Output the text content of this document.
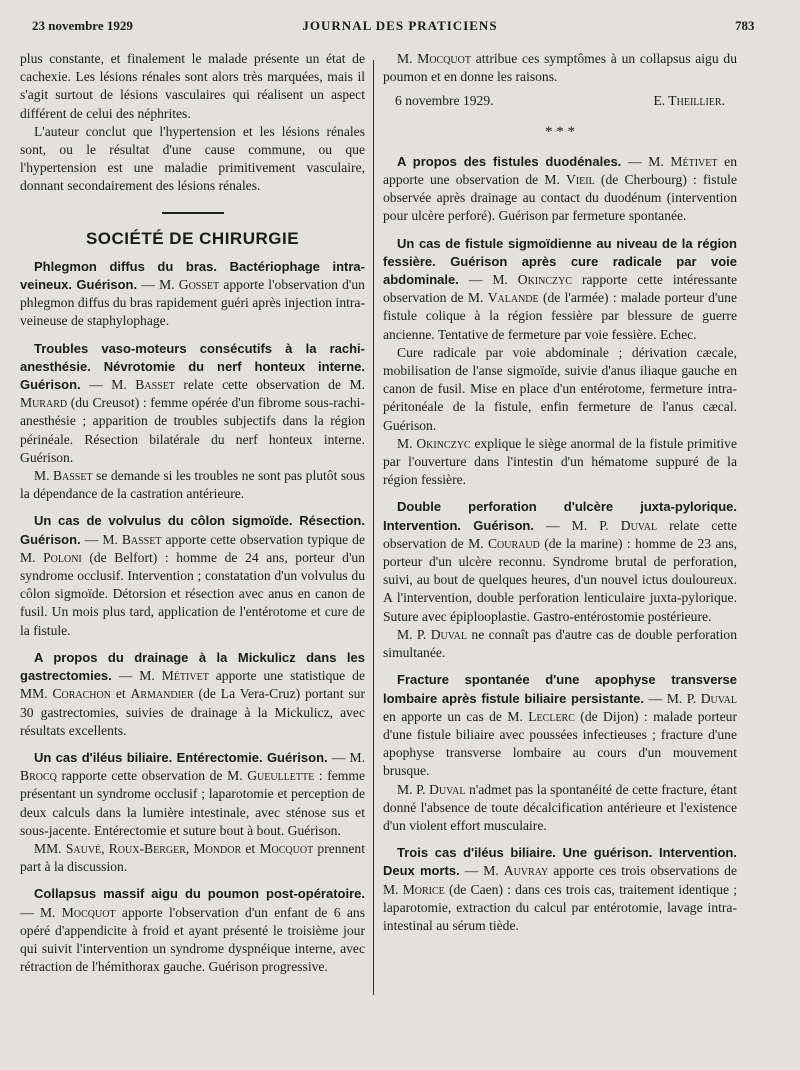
23 novembre 1929	JOURNAL DES PRATICIENS	783

plus constante, et finalement le malade présente un état de cachexie. Les lésions rénales sont alors très marquées, mais il s'agit surtout de lésions vasculaires qui réalisent un aspect différent de celui des néphrites.

L'auteur conclut que l'hypertension et les lésions rénales sont, ou le résultat d'une cause commune, ou que l'hypertension est une maladie primitivement vasculaire, donnant secondairement des lésions rénales.

SOCIÉTÉ DE CHIRURGIE

Phlegmon diffus du bras. Bactériophage intra-veineux. Guérison. — M. Gosset apporte l'observation d'un phlegmon diffus du bras rapidement guéri après injection intra-veineuse de staphylophage.

Troubles vaso-moteurs consécutifs à la rachi-anesthésie. Névrotomie du nerf honteux interne. Guérison. — M. Basset relate cette observation de M. Murard (du Creusot) : femme opérée d'un fibrome sous-rachi-anesthésie ; apparition de troubles subjectifs dans la région périnéale. Résection bilatérale du nerf honteux interne. Guérison.

M. Basset se demande si les troubles ne sont pas plutôt sous la dépendance de la castration antérieure.

Un cas de volvulus du côlon sigmoïde. Résection. Guérison. — M. Basset apporte cette observation typique de M. Poloni (de Belfort) : homme de 24 ans, porteur d'un syndrome occlusif. Intervention ; constatation d'un volvulus du côlon sigmoïde. Détorsion et résection avec anus en canon de fusil. Un mois plus tard, application de l'entérotome et cure de la fistule.

A propos du drainage à la Mickulicz dans les gastrectomies. — M. Métivet apporte une statistique de MM. Corachon et Armandier (de La Vera-Cruz) portant sur 30 gastrectomies, suivies de drainage à la Mickulicz, avec résultats excellents.

Un cas d'iléus biliaire. Entérectomie. Guérison. — M. Brocq rapporte cette observation de M. Gueullette : femme présentant un syndrome occlusif ; laparotomie et perception de deux calculs dans la lumière intestinale, avec sténose sus et sous-jacente. Entérectomie et suture bout à bout. Guérison.

MM. Sauvé, Roux-Berger, Mondor et Mocquot prennent part à la discussion.

Collapsus massif aigu du poumon post-opératoire. — M. Mocquot apporte l'observation d'un enfant de 6 ans opéré d'appendicite à froid et ayant présenté le troisième jour qui suivit l'intervention un syndrome dyspnéique interne, avec rétraction de l'hémithorax gauche. Guérison progressive.

M. Mocquot attribue ces symptômes à un collapsus aigu du poumon et en donne les raisons.

6 novembre 1929.	E. Theillier.
* * *

A propos des fistules duodénales. — M. Métivet en apporte une observation de M. Vieil (de Cherbourg) : fistule observée après drainage au contact du duodénum (intervention pour ulcère perforé). Guérison par fermeture spontanée.

Un cas de fistule sigmoïdienne au niveau de la région fessière. Guérison après cure radicale par voie abdominale. — M. Okinczyc rapporte cette intéressante observation de M. Valande (de l'armée) : malade porteur d'une fistule colique à la région fessière par blessure de guerre ancienne. Tentative de fermeture par voie fessière. Echec.

Cure radicale par voie abdominale ; dérivation cæcale, mobilisation de l'anse sigmoïde, suivie d'anus iliaque gauche en canon de fusil. Mise en place d'un entérotome, fermeture intra-péritonéale de la fistule, enfin fermeture de l'anus cæcal. Guérison.

M. Okinczyc explique le siège anormal de la fistule primitive par l'ouverture dans l'intestin d'un hématome suppuré de la région fessière.

Double perforation d'ulcère juxta-pylorique. Intervention. Guérison. — M. P. Duval relate cette observation de M. Couraud (de la marine) : homme de 23 ans, porteur d'un ulcère reconnu. Syndrome brutal de perforation, suivi, au bout de quelques heures, d'un nouvel ictus douloureux. A l'intervention, double perforation lenticulaire juxta-pylorique. Suture avec épiplooplastie. Gastro-entérostomie postérieure.

M. P. Duval ne connaît pas d'autre cas de double perforation simultanée.

Fracture spontanée d'une apophyse transverse lombaire après fistule biliaire persistante. — M. P. Duval en apporte un cas de M. Leclerc (de Dijon) : malade porteur d'une fistule biliaire avec poussées infectieuses ; fracture d'une apophyse transverse lombaire au cours d'un mouvement brusque.

M. P. Duval n'admet pas la spontanéité de cette fracture, étant donné l'absence de toute décalcification antérieure et l'existence d'un violent effort musculaire.

Trois cas d'iléus biliaire. Une guérison. Intervention. Deux morts. — M. Auvray apporte ces trois observations de M. Morice (de Caen) : dans ces trois cas, traitement identique ; laparotomie, extraction du calcul par entérotomie, lavage intra-intestinal au sérum tiède.
